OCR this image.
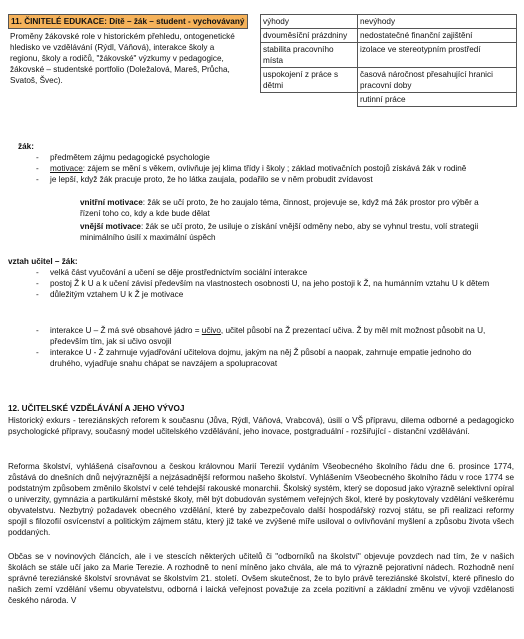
11. ČINITELÉ EDUKACE: Dítě – žák – student - vychovávaný
Proměny žákovské role v historickém přehledu, ontogenetické hledisko ve vzdělávání (Rýdl, Váňová), interakce školy a regionu, školy a rodičů, "žákovské" výzkumy v pedagogice, žákovské – studentské portfolio (Doležalová, Mareš, Průcha, Svatoš, Švec).
výhody	nevýhody
dvouměsíční prázdniny	nedostatečné finanční zajištění
stabilita pracovního místa	izolace ve stereotypním prostředí
uspokojení z práce s dětmi	časová náročnost přesahující hranici pracovní doby
	rutinní práce
žák:
- předmětem zájmu pedagogické psychologie
- motivace: zájem se mění s věkem, ovlivňuje jej klima třídy i školy ; základ motivačních postojů získává žák v rodině
- je lepší, když žák pracuje proto, že ho látka zaujala, podařilo se v něm probudit zvídavost
vnitřní motivace: žák se učí proto, že ho zaujalo téma, činnost, projevuje se, když má žák prostor pro výběr a řízení toho co, kdy a kde bude dělat
vnější motivace: žák se učí proto, že usiluje o získání vnější odměny nebo, aby se vyhnul trestu, volí strategii minimálního úsilí x maximální úspěch
vztah učitel – žák:
- velká část vyučování a učení se děje prostřednictvím sociální interakce
- postoj Ž k U a k učení závisí především na vlastnostech osobnosti U, na jeho postoji k Ž, na humánním vztahu U k dětem
- důležitým vztahem U k Ž je motivace
- interakce U – Ž má své obsahové jádro = učivo, učitel působí na Ž prezentací učiva. Ž by měl mít možnost působit na U, především tím, jak si učivo osvojil
- interakce U - Ž zahrnuje vyjadřování učitelova dojmu, jakým na něj Ž působí a naopak, zahrnuje empatie jednoho do druhého, vyjadřuje snahu chápat se navzájem a spolupracovat
12. UČITELSKÉ VZDĚLÁVÁNÍ A JEHO VÝVOJ
Historický exkurs - tereziánských reforem k současnu (Jůva, Rýdl, Váňová, Vrabcová), úsilí o VŠ přípravu, dilema odborné a pedagogicko psychologické přípravy, současný model učitelského vzdělávání, jeho inovace, postgraduální - rozšiřující - distanční vzdělávání.
Reforma školství, vyhlášená císařovnou a českou královnou Marií Terezií vydáním Všeobecného školního řádu dne 6. prosince 1774, zůstává do dnešních dnů nejvýraznější a nejzásadnější reformou našeho školství. Vyhlášením Všeobecného školního řádu v roce 1774 se podstatným způsobem změnilo školství v celé tehdejší rakouské monarchii. Školský systém, který se doposud jako výrazně selektivní opíral o univerzity, gymnázia a partikulární městské školy, měl být dobudován systémem veřejných škol, které by poskytovaly vzdělání veškerému obyvatelstvu. Nezbytný požadavek obecného vzdělání, které by zabezpečovalo další hospodářský rozvoj státu, se při realizaci reformy spojil s filozofií osvícenství a politickým zájmem státu, který již také ve zvýšené míře usiloval o ovlivňování myšlení a způsobu života všech poddaných.
Občas se v novinových článcích, ale i ve stescích některých učitelů či "odborníků na školství" objevuje povzdech nad tím, že v našich školách se stále učí jako za Marie Terezie. A rozhodně to není míněno jako chvála, ale má to výrazně pejorativní nádech. Rozhodně není správné tereziánské školství srovnávat se školstvím 21. století. Ovšem skutečnost, že to bylo právě tereziánské školství, které přineslo do našich zemí vzdělání všemu obyvatelstvu, odborná i laická veřejnost považuje za zcela pozitivní a základní změnu ve vývoji vzdělanosti českého národa. V
